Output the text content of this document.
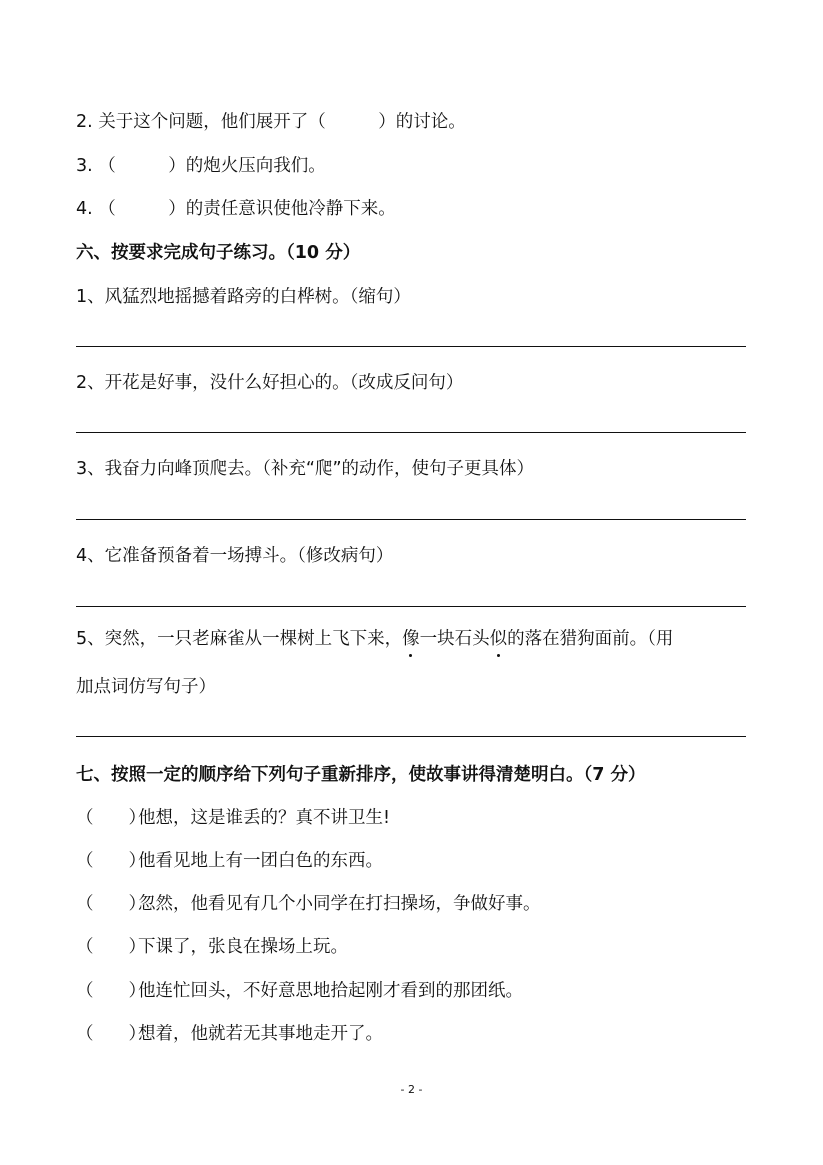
2. 关于这个问题，他们展开了（　　　）的讨论。
3. （　　　）的炮火压向我们。
4. （　　　）的责任意识使他冷静下来。
六、按要求完成句子练习。（10 分）
1、风猛烈地摇撼着路旁的白桦树。（缩句）
2、开花是好事，没什么好担心的。（改成反问句）
3、我奋力向峰顶爬去。（补充“爬”的动作，使句子更具体）
4、它准备预备着一场搏斗。（修改病句）
5、突然，一只老麻雀从一棵树上飞下来，像一块石头似的落在猎狗面前。（用
加点词仿写句子）
七、按照一定的顺序给下列句子重新排序，使故事讲得清楚明白。（7 分）
（　　）他想，这是谁丢的？真不讲卫生!
（　　）他看见地上有一团白色的东西。
（　　）忽然，他看见有几个小同学在打扫操场，争做好事。
（　　）下课了，张良在操场上玩。
（　　）他连忙回头，不好意思地拾起刚才看到的那团纸。
（　　）想着，他就若无其事地走开了。
- 2 -
